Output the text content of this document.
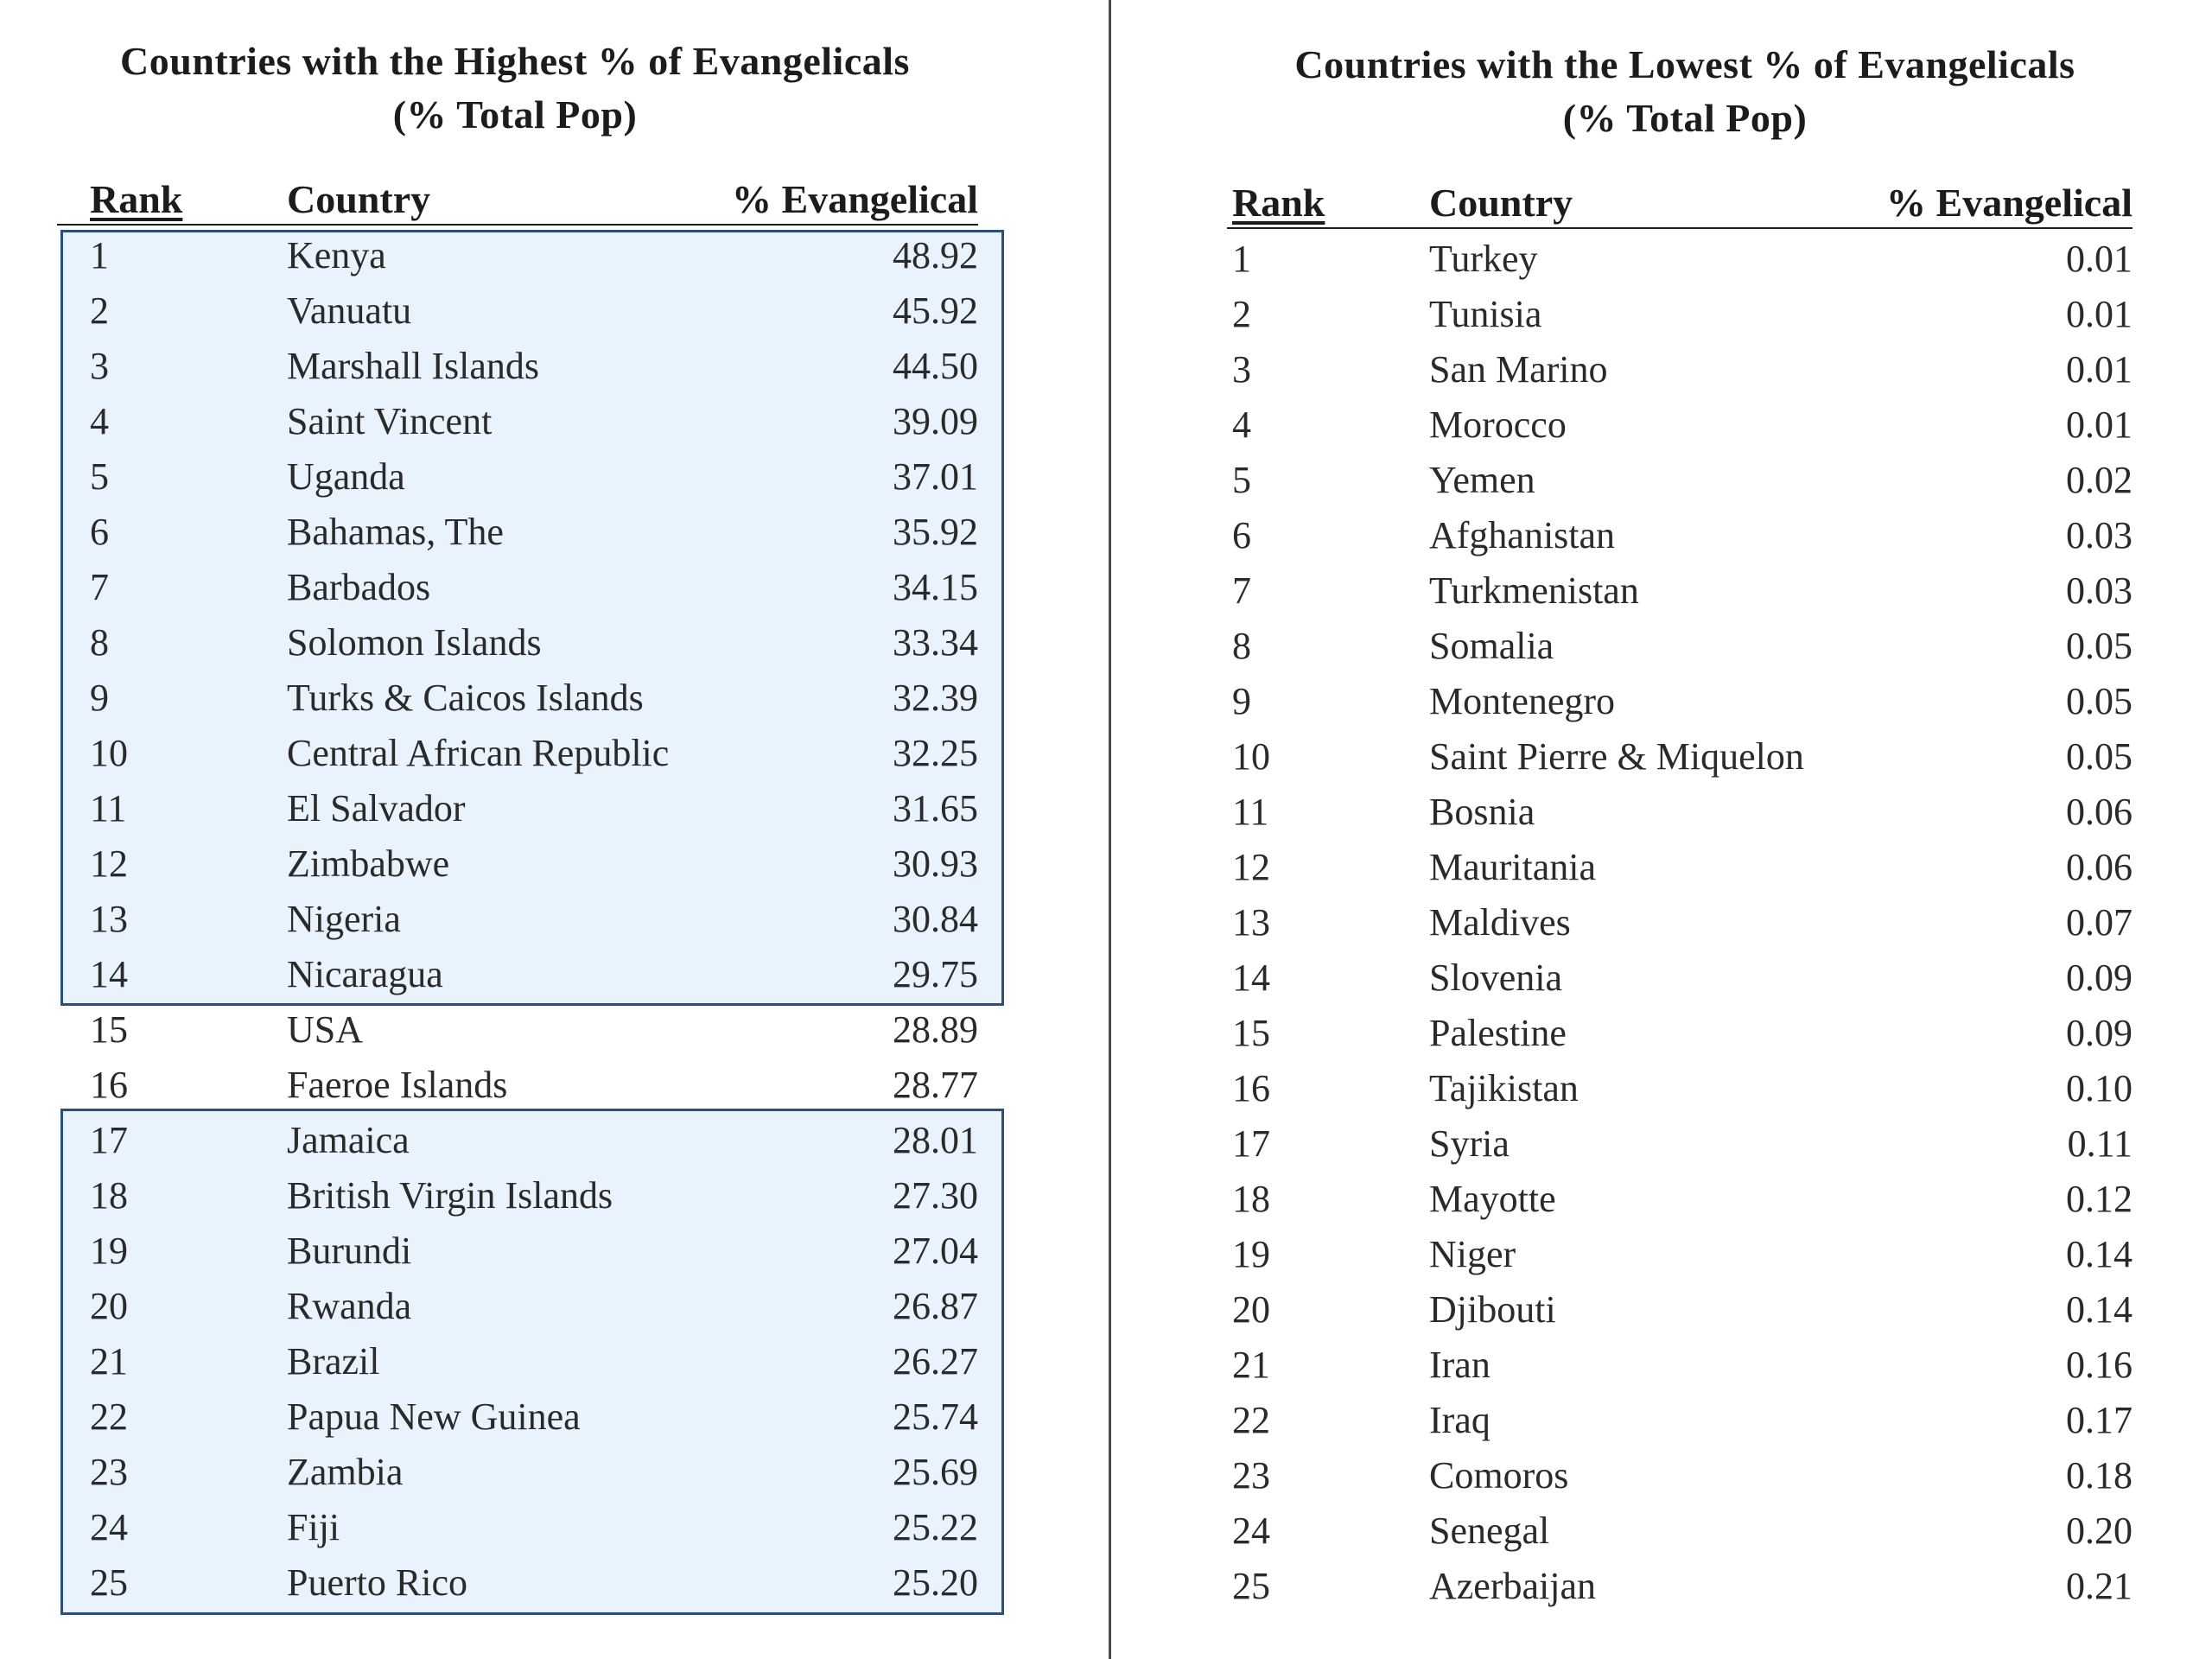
Countries with the Highest % of Evangelicals
(% Total Pop)
Rank	Country	% Evangelical
1	Kenya	48.92
2	Vanuatu	45.92
3	Marshall Islands	44.50
4	Saint Vincent	39.09
5	Uganda	37.01
6	Bahamas, The	35.92
7	Barbados	34.15
8	Solomon Islands	33.34
9	Turks & Caicos Islands	32.39
10	Central African Republic	32.25
11	El Salvador	31.65
12	Zimbabwe	30.93
13	Nigeria	30.84
14	Nicaragua	29.75
15	USA	28.89
16	Faeroe Islands	28.77
17	Jamaica	28.01
18	British Virgin Islands	27.30
19	Burundi	27.04
20	Rwanda	26.87
21	Brazil	26.27
22	Papua New Guinea	25.74
23	Zambia	25.69
24	Fiji	25.22
25	Puerto Rico	25.20
Countries with the Lowest % of Evangelicals
(% Total Pop)
Rank	Country	% Evangelical
1	Turkey	0.01
2	Tunisia	0.01
3	San Marino	0.01
4	Morocco	0.01
5	Yemen	0.02
6	Afghanistan	0.03
7	Turkmenistan	0.03
8	Somalia	0.05
9	Montenegro	0.05
10	Saint Pierre & Miquelon	0.05
11	Bosnia	0.06
12	Mauritania	0.06
13	Maldives	0.07
14	Slovenia	0.09
15	Palestine	0.09
16	Tajikistan	0.10
17	Syria	0.11
18	Mayotte	0.12
19	Niger	0.14
20	Djibouti	0.14
21	Iran	0.16
22	Iraq	0.17
23	Comoros	0.18
24	Senegal	0.20
25	Azerbaijan	0.21
